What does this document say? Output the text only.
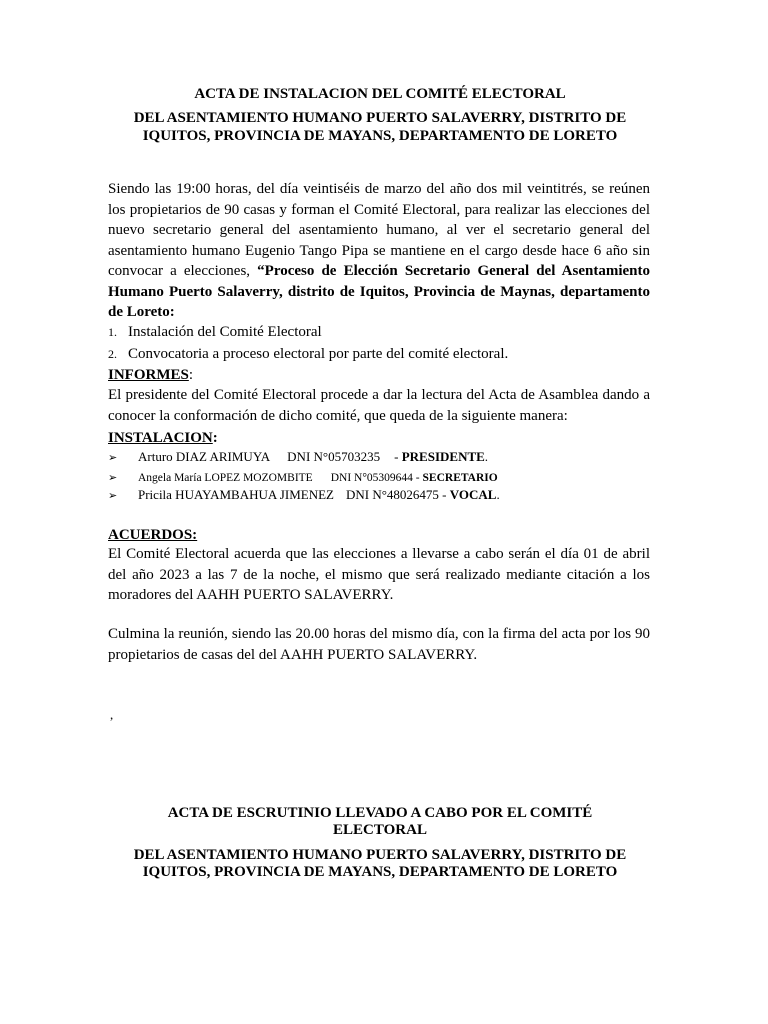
ACTA DE INSTALACION DEL COMITÉ ELECTORAL

DEL ASENTAMIENTO HUMANO PUERTO SALAVERRY, DISTRITO DE

IQUITOS, PROVINCIA DE MAYANS, DEPARTAMENTO DE LORETO

Siendo las 19:00 horas, del día veintiséis de marzo del año dos mil veintitrés, se reúnen los propietarios de 90 casas y forman el Comité Electoral, para realizar las elecciones del nuevo secretario general del asentamiento humano, al ver el secretario general del asentamiento humano Eugenio Tango Pipa se mantiene en el cargo desde hace 6 año sin convocar a elecciones, “Proceso de Elección Secretario General del Asentamiento Humano Puerto Salaverry, distrito de Iquitos, Provincia de Maynas, departamento de Loreto:

1. Instalación del Comité Electoral
2. Convocatoria a proceso electoral por parte del comité electoral.
INFORMES:

El presidente del Comité Electoral procede a dar la lectura del Acta de Asamblea dando a conocer la conformación de dicho comité, que queda de la siguiente manera:

INSTALACION:
➢ Arturo DIAZ ARIMUYA DNI N°05703235 - PRESIDENTE.
➢ Angela María LOPEZ MOZOMBITE DNI N°05309644 - SECRETARIO
➢ Pricila HUAYAMBAHUA JIMENEZ DNI N°48026475 - VOCAL.
ACUERDOS:

El Comité Electoral acuerda que las elecciones a llevarse a cabo serán el día 01 de abril del año 2023 a las 7 de la noche, el mismo que será realizado mediante citación a los moradores del AAHH PUERTO SALAVERRY.

Culmina la reunión, siendo las 20.00 horas del mismo día, con la firma del acta por los 90 propietarios de casas del del AAHH PUERTO SALAVERRY.

,

ACTA DE ESCRUTINIO LLEVADO A CABO POR EL COMITÉ

ELECTORAL

DEL ASENTAMIENTO HUMANO PUERTO SALAVERRY, DISTRITO DE

IQUITOS, PROVINCIA DE MAYANS, DEPARTAMENTO DE LORETO
